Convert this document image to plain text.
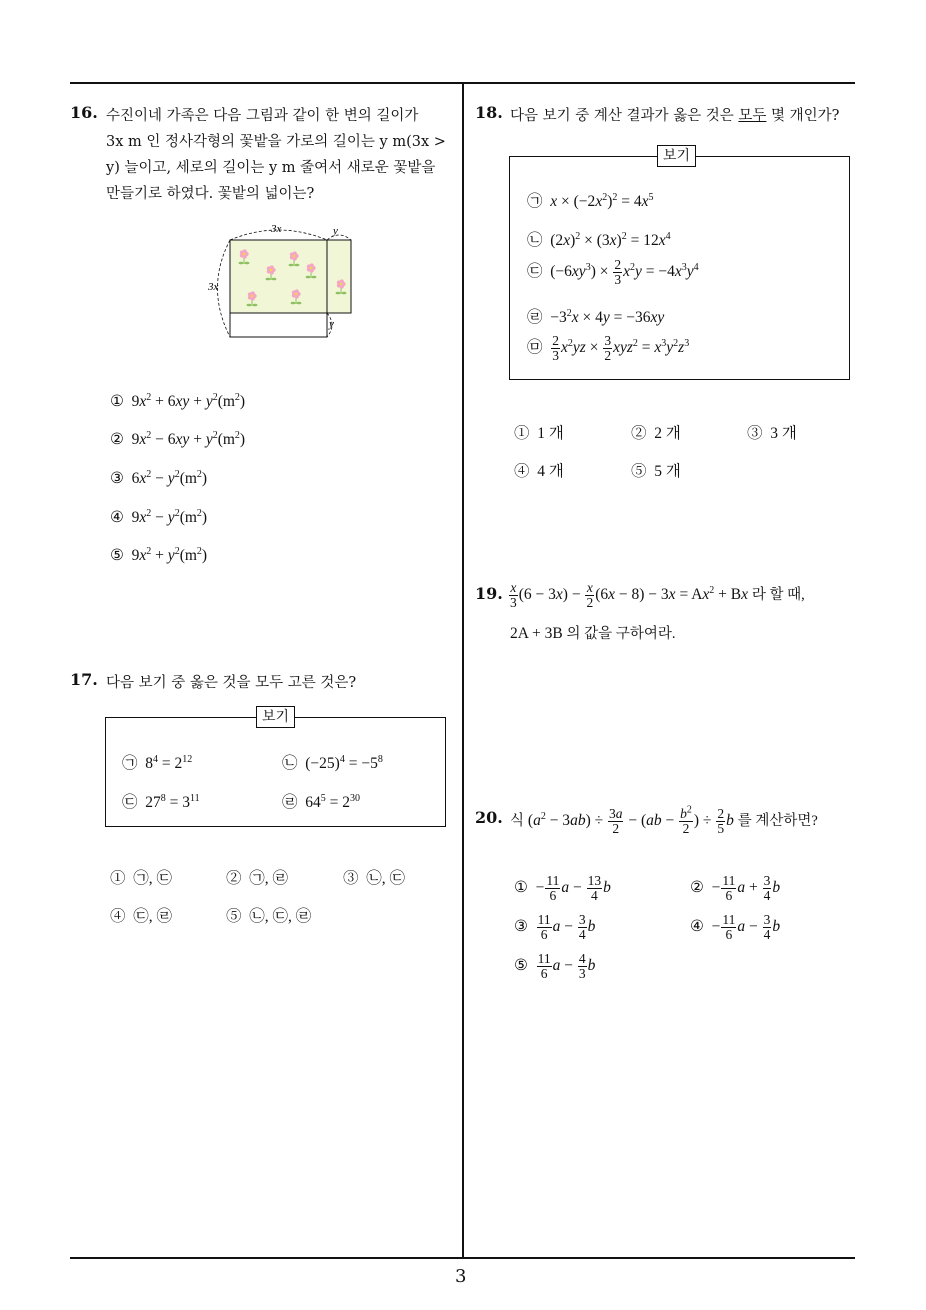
3
16. 수진이네 가족은 다음 그림과 같이 한 변의 길이가
3x m 인 정사각형의 꽃밭을 가로의 길이는 y m(3x >
y) 늘이고, 세로의 길이는 y m 줄여서 새로운 꽃밭을
만들기로 하였다. 꽃밭의 넓이는?
3x	y
3x
y
① $9x^2 + 6xy + y^2(m^2)$
② $9x^2 - 6xy + y^2(m^2)$
③ $6x^2 - y^2(m^2)$
④ $9x^2 - y^2(m^2)$
⑤ $9x^2 + y^2(m^2)$
17. 다음 보기 중 옳은 것을 모두 고른 것은?
보기
㉠ $8^4 = 2^{12}$	㉡ $(-25)^4 = -5^8$
㉢ $27^8 = 3^{11}$	㉣ $64^5 = 2^{30}$
① ㉠, ㉢	② ㉠, ㉣	③ ㉡, ㉢
④ ㉢, ㉣	⑤ ㉡, ㉢, ㉣
18. 다음 보기 중 계산 결과가 옳은 것은 모두 몇 개인가?
보기
㉠ $x \times (-2x^2)^2 = 4x^5$
㉡ $(2x)^2 \times (3x)^2 = 12x^4$
㉢ $(-6xy^3) \times \frac{2}{3} x^2y = -4x^3y^4$
㉣ $-3^2x \times 4y = -36xy$
㉤ $\frac{2}{3} x^2yz \times \frac{3}{2} xyz^2 = x^3y^2z^3$
① 1 개	② 2 개	③ 3 개
④ 4 개	⑤ 5 개
19. $\frac{x}{3} (6 - 3x) - \frac{x}{2} (6x - 8) - 3x = Ax^2 + Bx$ 라 할 때,
2A + 3B 의 값을 구하여라.
20. 식 $(a^2 - 3ab) \div \frac{3a}{2} - (ab - \frac{b^2}{2}$ ) ÷ $\frac{2}{5}$ b 를 계산하면?
① − $\frac{11}{6}$ $a - \frac{13}{4}$ b	② − $\frac{11}{6}$ $a + \frac{3}{4}$ b
③ $\frac{11}{6}$ $a - \frac{3}{4}$ b	④ − $\frac{11}{6}$ $a - \frac{3}{4}$ b
⑤ $\frac{11}{6}$ $a - \frac{4}{3}$ b
